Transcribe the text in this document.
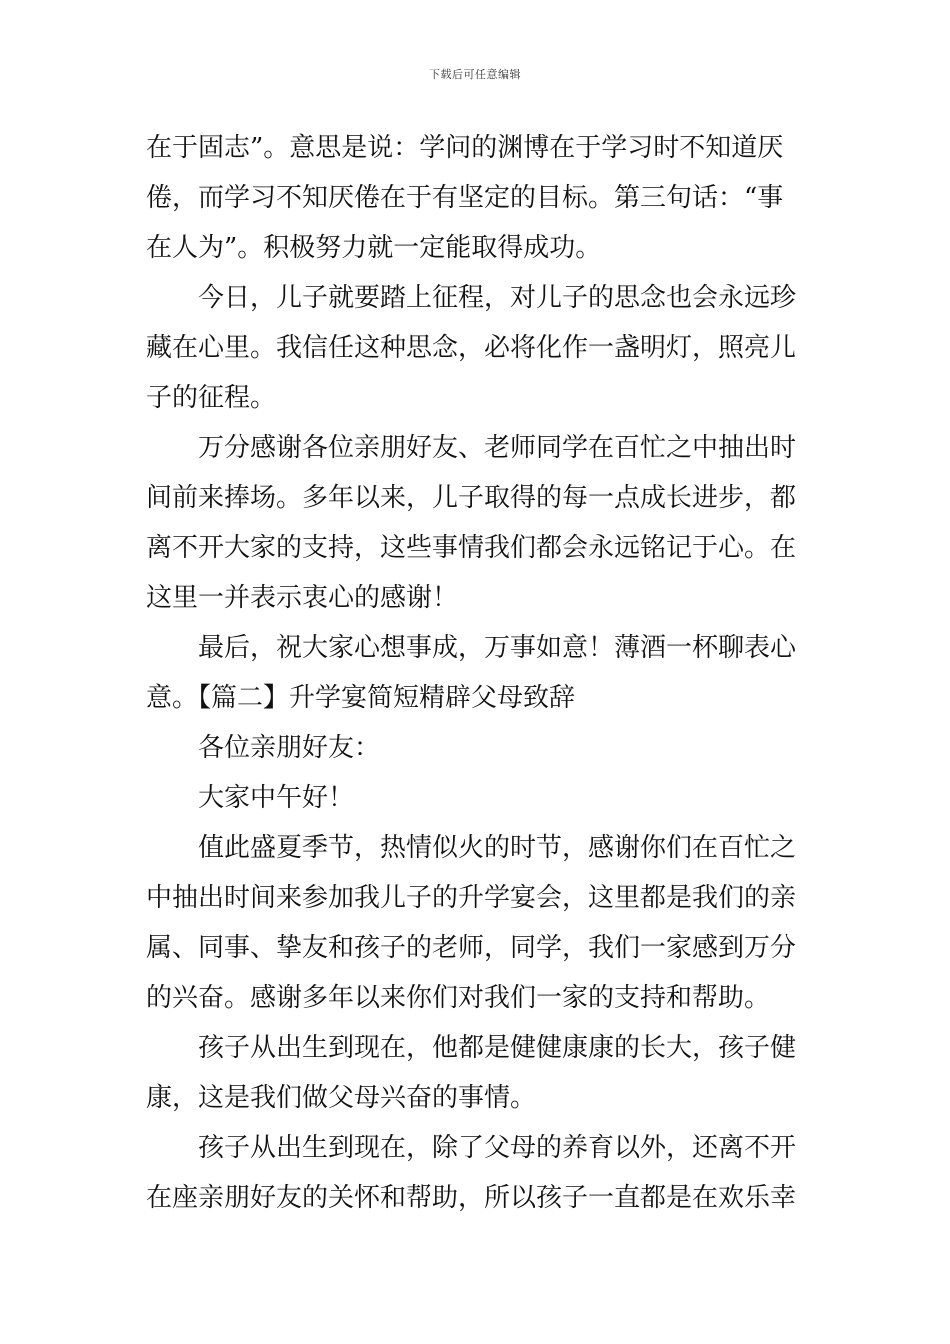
下载后可任意编辑
在于固志”。意思是说：学问的渊博在于学习时不知道厌
倦，而学习不知厌倦在于有坚定的目标。第三句话：“事
在人为”。积极努力就一定能取得成功。
今日，儿子就要踏上征程，对儿子的思念也会永远珍
藏在心里。我信任这种思念，必将化作一盏明灯，照亮儿
子的征程。
万分感谢各位亲朋好友、老师同学在百忙之中抽出时
间前来捧场。多年以来，儿子取得的每一点成长进步，都
离不开大家的支持，这些事情我们都会永远铭记于心。在
这里一并表示衷心的感谢！
最后，祝大家心想事成，万事如意！薄酒一杯聊表心
意。【篇二】升学宴简短精辟父母致辞
各位亲朋好友：
大家中午好！
值此盛夏季节，热情似火的时节，感谢你们在百忙之
中抽出时间来参加我儿子的升学宴会，这里都是我们的亲
属、同事、挚友和孩子的老师，同学，我们一家感到万分
的兴奋。感谢多年以来你们对我们一家的支持和帮助。
孩子从出生到现在，他都是健健康康的长大，孩子健
康，这是我们做父母兴奋的事情。
孩子从出生到现在，除了父母的养育以外，还离不开
在座亲朋好友的关怀和帮助，所以孩子一直都是在欢乐幸
